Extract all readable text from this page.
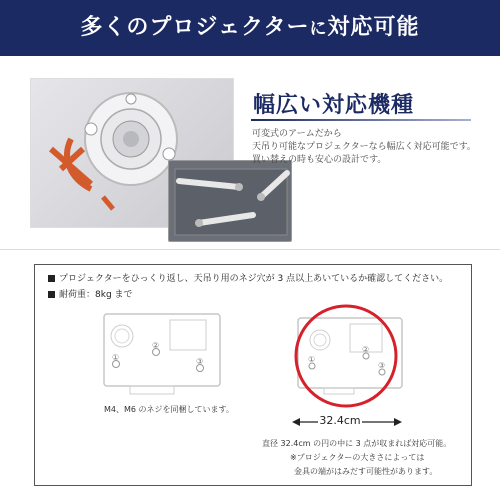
多くのプロジェクターに対応可能
幅広い対応機種
可変式のアームだから
天吊り可能なプロジェクターなら幅広く対応可能です。
買い替えの時も安心の設計です。
プロジェクターをひっくり返し、天吊り用のネジ穴が 3 点以上あいているか確認してください。
耐荷重：8kg まで
②
①	③
M4、M6 のネジを同梱しています。
②
①
③
32.4cm
直径 32.4cm の円の中に 3 点が収まれば対応可能。
※プロジェクターの大きさによっては
金具の端がはみだす可能性があります。
